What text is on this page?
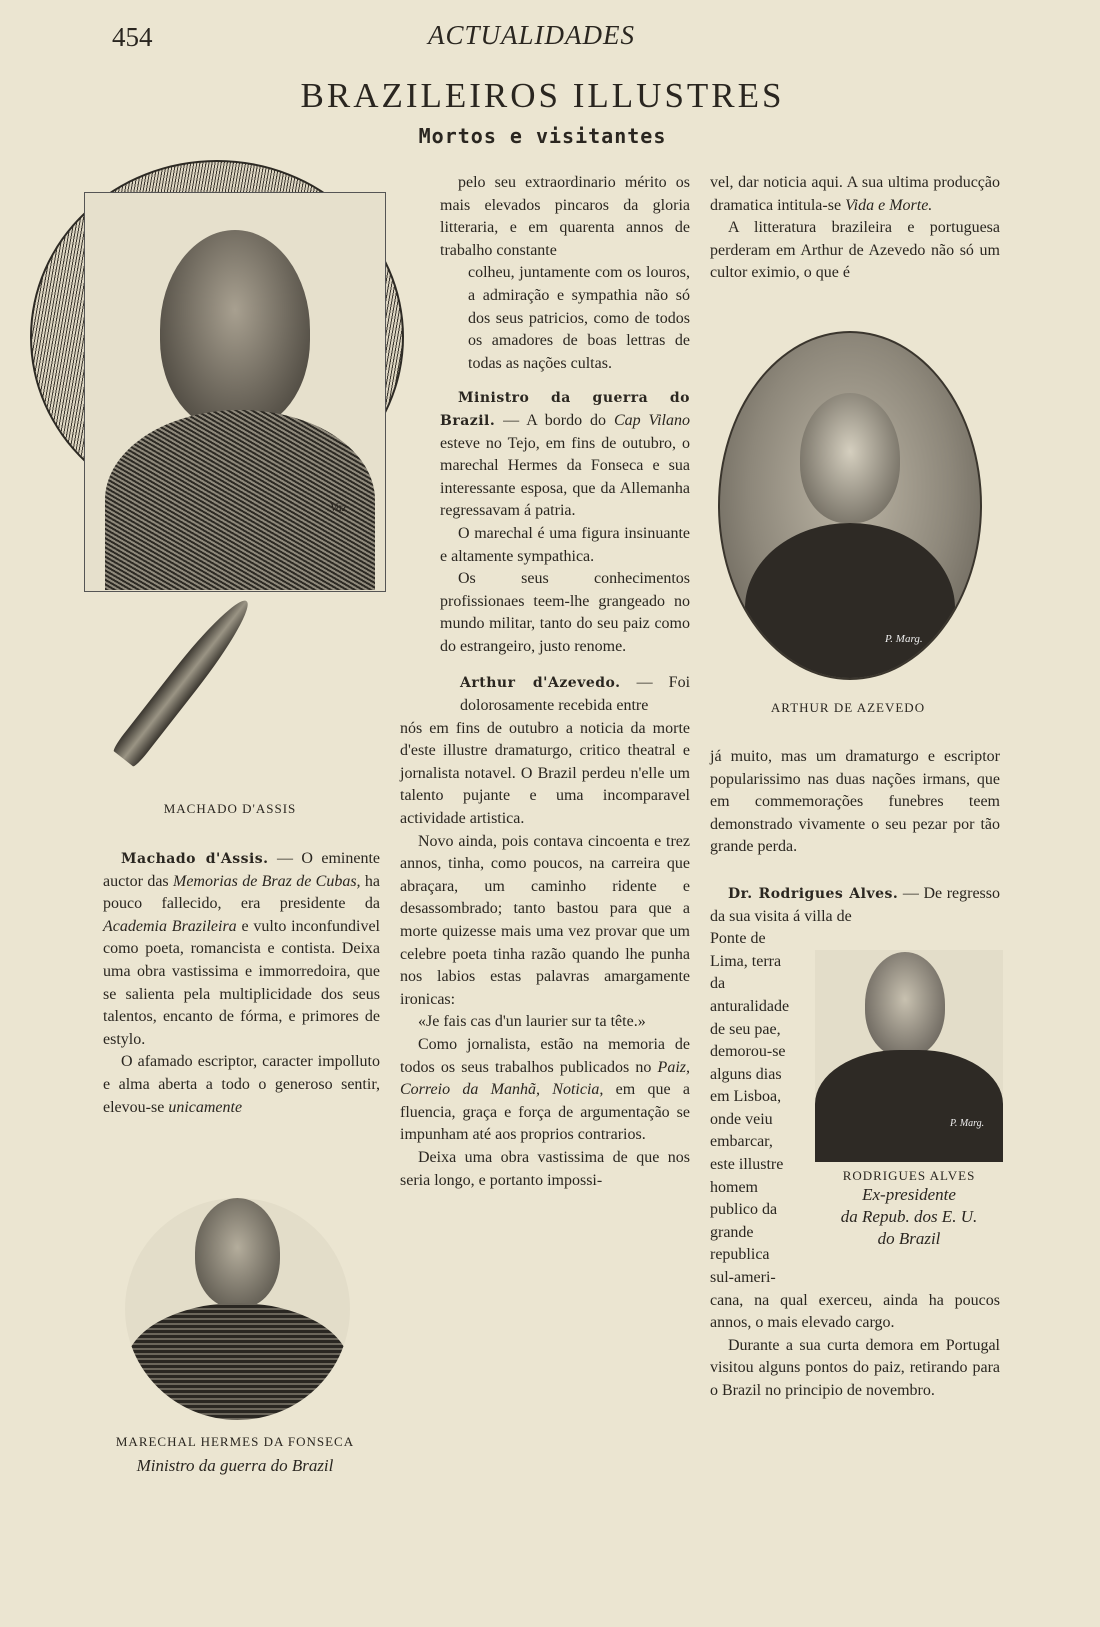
454	ACTUALIDADES
BRAZILEIROS ILLUSTRES
Mortos e visitantes
Vaz
MACHADO D'ASSIS

Machado d'Assis. — O eminente auctor das Memorias de Braz de Cubas, ha pouco fallecido, era presidente da Academia Brazileira e vulto inconfundivel como poeta, romancista e contista. Deixa uma obra vastissima e immorredoira, que se salienta pela multiplicidade dos seus talentos, encanto de fórma, e primores de estylo.

O afamado escriptor, caracter impolluto e alma aberta a todo o generoso sentir, elevou-se unicamente

MARECHAL HERMES DA FONSECA
Ministro da guerra do Brazil

pelo seu extraordinario mérito os mais elevados pincaros da gloria litteraria, e em quarenta annos de trabalho constante

colheu, juntamente com os louros, a admiração e sympathia não só dos seus patricios, como de todos os amadores de boas lettras de todas as nações cultas.

Ministro da guerra do Brazil. — A bordo do Cap Vilano esteve no Tejo, em fins de outubro, o marechal Hermes da Fonseca e sua interessante esposa, que da Allemanha regressavam á patria.

O marechal é uma figura insinuante e altamente sympathica.

Os seus conhecimentos profissionaes teem-lhe grangeado no mundo militar, tanto do seu paiz como do estrangeiro, justo renome.

Arthur d'Azevedo. — Foi dolorosamente recebida entre

nós em fins de outubro a noticia da morte d'este illustre dramaturgo, critico theatral e jornalista notavel. O Brazil perdeu n'elle um talento pujante e uma incomparavel actividade artistica.

Novo ainda, pois contava cincoenta e trez annos, tinha, como poucos, na carreira que abraçara, um caminho ridente e desassombrado; tanto bastou para que a morte quizesse mais uma vez provar que um celebre poeta tinha razão quando lhe punha nos labios estas palavras amargamente ironicas:

«Je fais cas d'un laurier sur ta tête.»

Como jornalista, estão na memoria de todos os seus trabalhos publicados no Paiz, Correio da Manhã, Noticia, em que a fluencia, graça e força de argumentação se impunham até aos proprios contrarios.

Deixa uma obra vastissima de que nos seria longo, e portanto impossi-

vel, dar noticia aqui. A sua ultima producção dramatica intitula-se Vida e Morte.

A litteratura brazileira e portuguesa perderam em Arthur de Azevedo não só um cultor eximio, o que é

P. Marg.
ARTHUR DE AZEVEDO

já muito, mas um dramaturgo e escriptor popularissimo nas duas nações irmans, que em commemorações funebres teem demonstrado vivamente o seu pezar por tão grande perda.

Dr. Rodrigues Alves. — De regresso da sua visita á villa de

Ponte de Lima, terra da anturalidade de seu pae, demorou-se alguns dias em Lisboa, onde veiu embarcar, este illustre homem publico da grande republica sul-ameri-

P. Marg.
RODRIGUES ALVES
Ex-presidente
da Repub. dos E. U.
do Brazil

cana, na qual exerceu, ainda ha poucos annos, o mais elevado cargo.

Durante a sua curta demora em Portugal visitou alguns pontos do paiz, retirando para o Brazil no principio de novembro.
